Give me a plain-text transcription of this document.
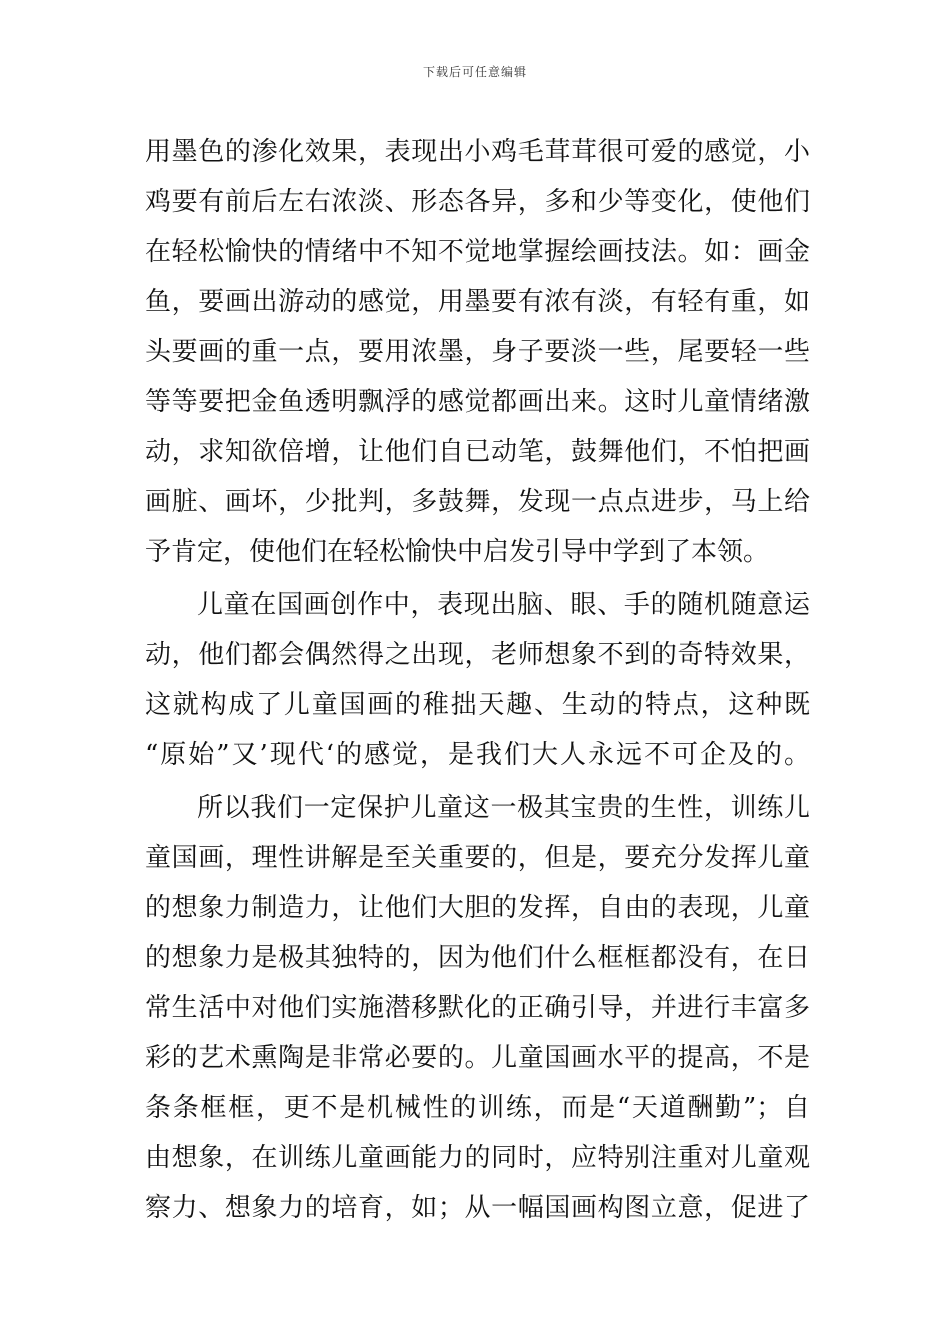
下载后可任意编辑
用墨色的渗化效果，表现出小鸡毛茸茸很可爱的感觉，小
鸡要有前后左右浓淡、形态各异，多和少等变化，使他们
在轻松愉快的情绪中不知不觉地掌握绘画技法。如：画金
鱼，要画出游动的感觉，用墨要有浓有淡，有轻有重，如
头要画的重一点，要用浓墨，身子要淡一些，尾要轻一些
等等要把金鱼透明飘浮的感觉都画出来。这时儿童情绪激
动，求知欲倍增，让他们自已动笔，鼓舞他们，不怕把画
画脏、画坏，少批判，多鼓舞，发现一点点进步，马上给
予肯定，使他们在轻松愉快中启发引导中学到了本领。
儿童在国画创作中，表现出脑、眼、手的随机随意运
动，他们都会偶然得之出现，老师想象不到的奇特效果，
这就构成了儿童国画的稚拙天趣、生动的特点，这种既
“原始”又’现代‘的感觉，是我们大人永远不可企及的。
所以我们一定保护儿童这一极其宝贵的生性，训练儿
童国画，理性讲解是至关重要的，但是，要充分发挥儿童
的想象力制造力，让他们大胆的发挥，自由的表现，儿童
的想象力是极其独特的，因为他们什么框框都没有，在日
常生活中对他们实施潜移默化的正确引导，并进行丰富多
彩的艺术熏陶是非常必要的。儿童国画水平的提高，不是
条条框框，更不是机械性的训练，而是“天道酬勤”；自
由想象，在训练儿童画能力的同时，应特别注重对儿童观
察力、想象力的培育，如；从一幅国画构图立意，促进了
